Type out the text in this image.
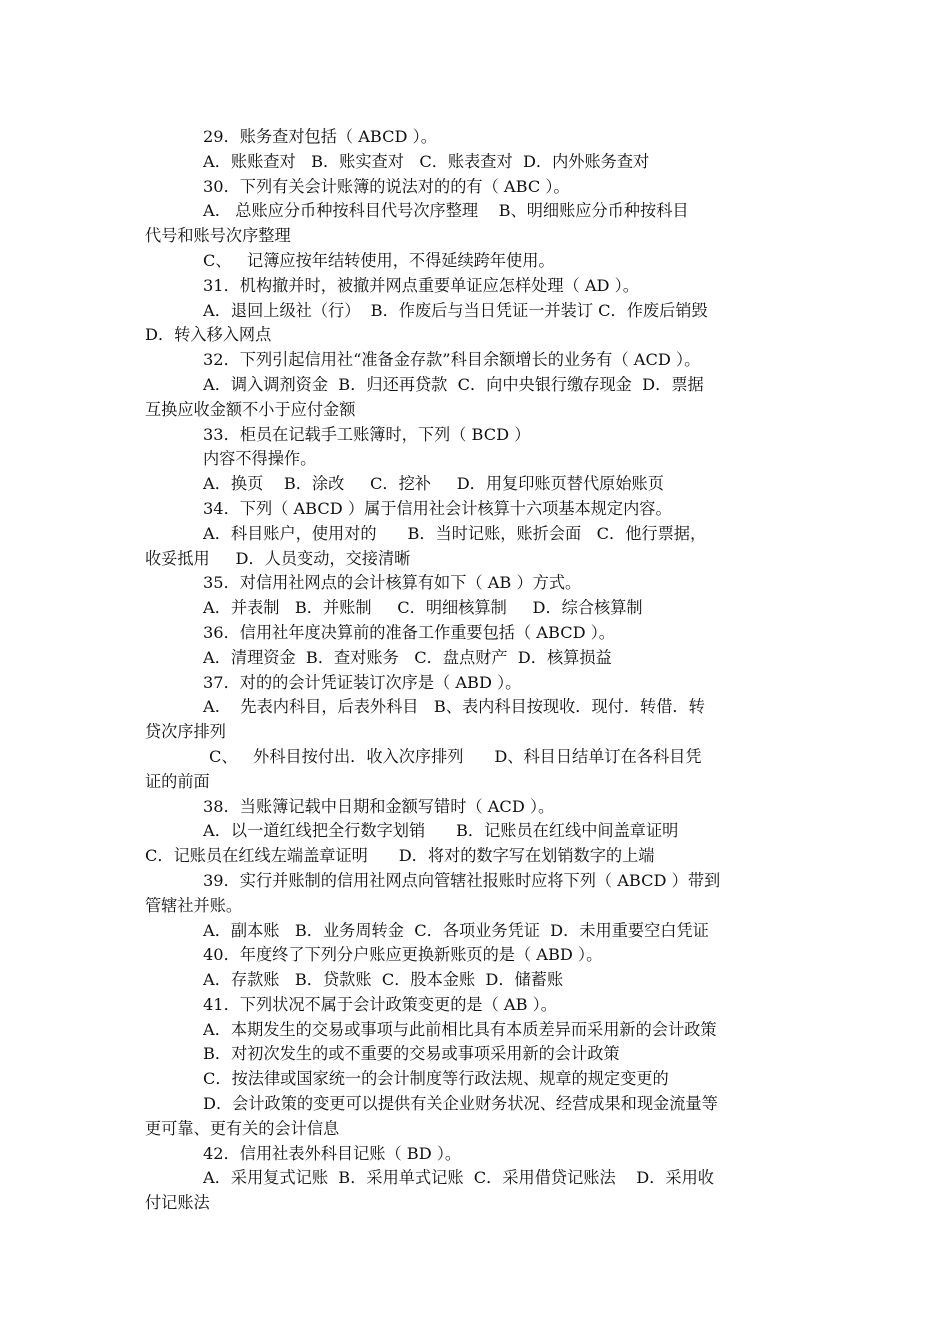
29．账务查对包括（ ABCD ）。

A．账账查对   B．账实查对   C．账表查对  D．内外账务查对

30．下列有关会计账簿的说法对的的有（ ABC ）。

A.   总账应分币种按科目代号次序整理    B、明细账应分币种按科目

代号和账号次序整理

C、   记簿应按年结转使用，不得延续跨年使用。

31．机构撤并时，被撤并网点重要单证应怎样处理（ AD ）。

A．退回上级社（行）  B．作废后与当日凭证一并装订 C．作废后销毁

D．转入移入网点

32．下列引起信用社“准备金存款”科目余额增长的业务有（ ACD ）。

A．调入调剂资金  B．归还再贷款  C．向中央银行缴存现金  D．票据

互换应收金额不小于应付金额

33．柜员在记载手工账簿时，下列（ BCD ）

内容不得操作。

A．换页    B．涂改     C．挖补     D．用复印账页替代原始账页

34．下列（ ABCD ）属于信用社会计核算十六项基本规定内容。

A．科目账户，使用对的      B．当时记账，账折会面   C．他行票据，

收妥抵用     D．人员变动，交接清晰

35．对信用社网点的会计核算有如下（ AB ）方式。

A．并表制   B．并账制     C．明细核算制     D．综合核算制

36．信用社年度决算前的准备工作重要包括（ ABCD ）。

A．清理资金  B．查对账务   C．盘点财产  D．核算损益

37．对的的会计凭证装订次序是（ ABD ）。

A.    先表内科目，后表外科目   B、表内科目按现收．现付．转借．转

贷次序排列

C、   外科目按付出．收入次序排列      D、科目日结单订在各科目凭

证的前面

38．当账簿记载中日期和金额写错时（ ACD ）。

A．以一道红线把全行数字划销      B．记账员在红线中间盖章证明

C．记账员在红线左端盖章证明      D．将对的数字写在划销数字的上端

39．实行并账制的信用社网点向管辖社报账时应将下列（ ABCD ）带到

管辖社并账。

A．副本账   B．业务周转金  C．各项业务凭证  D．未用重要空白凭证

40．年度终了下列分户账应更换新账页的是（ ABD ）。

A．存款账   B．贷款账  C．股本金账  D．储蓄账

41．下列状况不属于会计政策变更的是（ AB ）。

A．本期发生的交易或事项与此前相比具有本质差异而采用新的会计政策

B．对初次发生的或不重要的交易或事项采用新的会计政策

C．按法律或国家统一的会计制度等行政法规、规章的规定变更的

D．会计政策的变更可以提供有关企业财务状况、经营成果和现金流量等

更可靠、更有关的会计信息

42．信用社表外科目记账（ BD ）。

A．采用复式记账  B．采用单式记账  C．采用借贷记账法    D．采用收

付记账法
